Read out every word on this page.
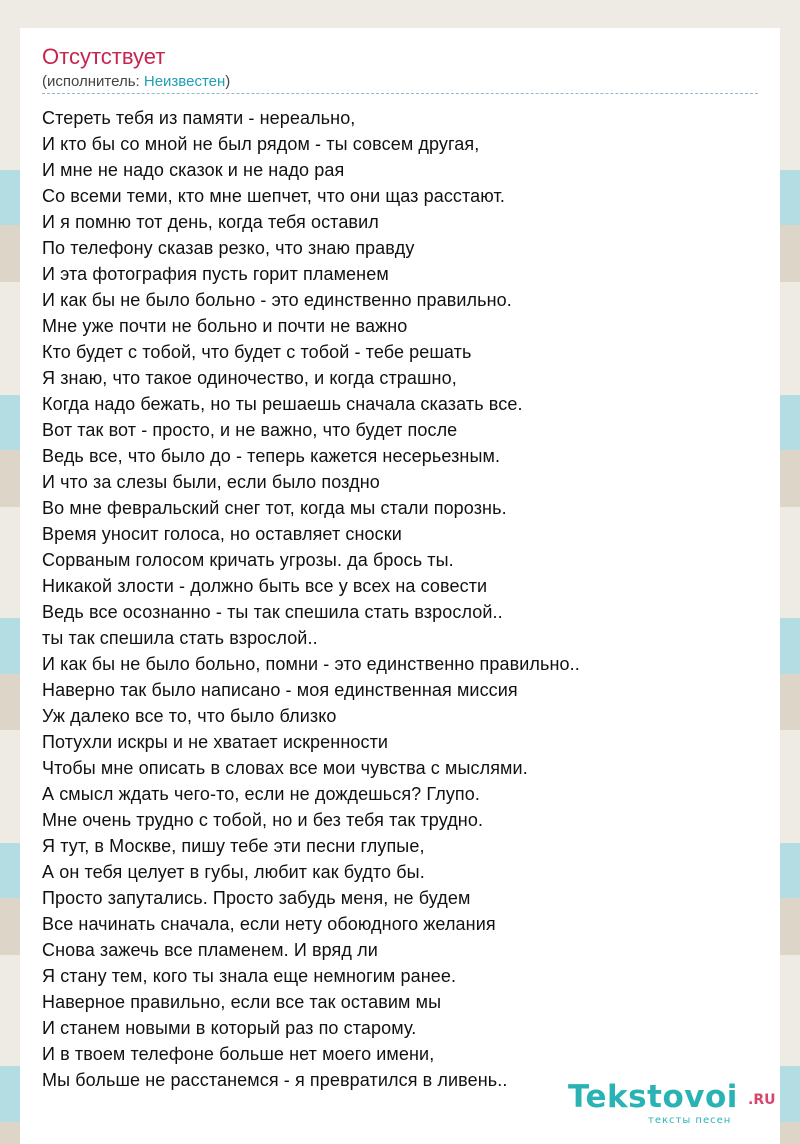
Отсутствует
(исполнитель: Неизвестен)
Стереть тебя из памяти - нереально,
И кто бы со мной не был рядом - ты совсем другая,
И мне не надо сказок и не надо рая
Со всеми теми, кто мне шепчет, что они щаз расстают.
И я помню тот день, когда тебя оставил
По телефону сказав резко, что знаю правду
И эта фотография пусть горит пламенем
И как бы не было больно - это единственно правильно.
Мне уже почти не больно и почти не важно
Кто будет с тобой, что будет с тобой - тебе решать
Я знаю, что такое одиночество, и когда страшно,
Когда надо бежать, но ты решаешь сначала сказать все.
Вот так вот - просто, и не важно, что будет после
Ведь все, что было до - теперь кажется несерьезным.
И что за слезы были, если было поздно
Во мне февральский снег тот, когда мы стали порознь.
Время уносит голоса, но оставляет сноски
Сорваным голосом кричать угрозы. да брось ты.
Никакой злости - должно быть все у всех на совести
Ведь все осознанно - ты так спешила стать взрослой..
ты так спешила стать взрослой..
И как бы не было больно, помни - это единственно правильно..
Наверно так было написано - моя единственная миссия
Уж далеко все то, что было близко
Потухли искры и не хватает искренности
Чтобы мне описать в словах все мои чувства с мыслями.
А смысл ждать чего-то, если не дождешься? Глупо.
Мне очень трудно с тобой, но и без тебя так трудно.
Я тут, в Москве, пишу тебе эти песни глупые,
А он тебя целует в губы, любит как будто бы.
Просто запутались. Просто забудь меня, не будем
Все начинать сначала, если нету обоюдного желания
Снова зажечь все пламенем. И вряд ли
Я стану тем, кого ты знала еще немногим ранее.
Наверное правильно, если все так оставим мы
И станем новыми в который раз по старому.
И в твоем телефоне больше нет моего имени,
Мы больше не расстанемся - я превратился в ливень..	Tekstovoi .RU
тексты песен
